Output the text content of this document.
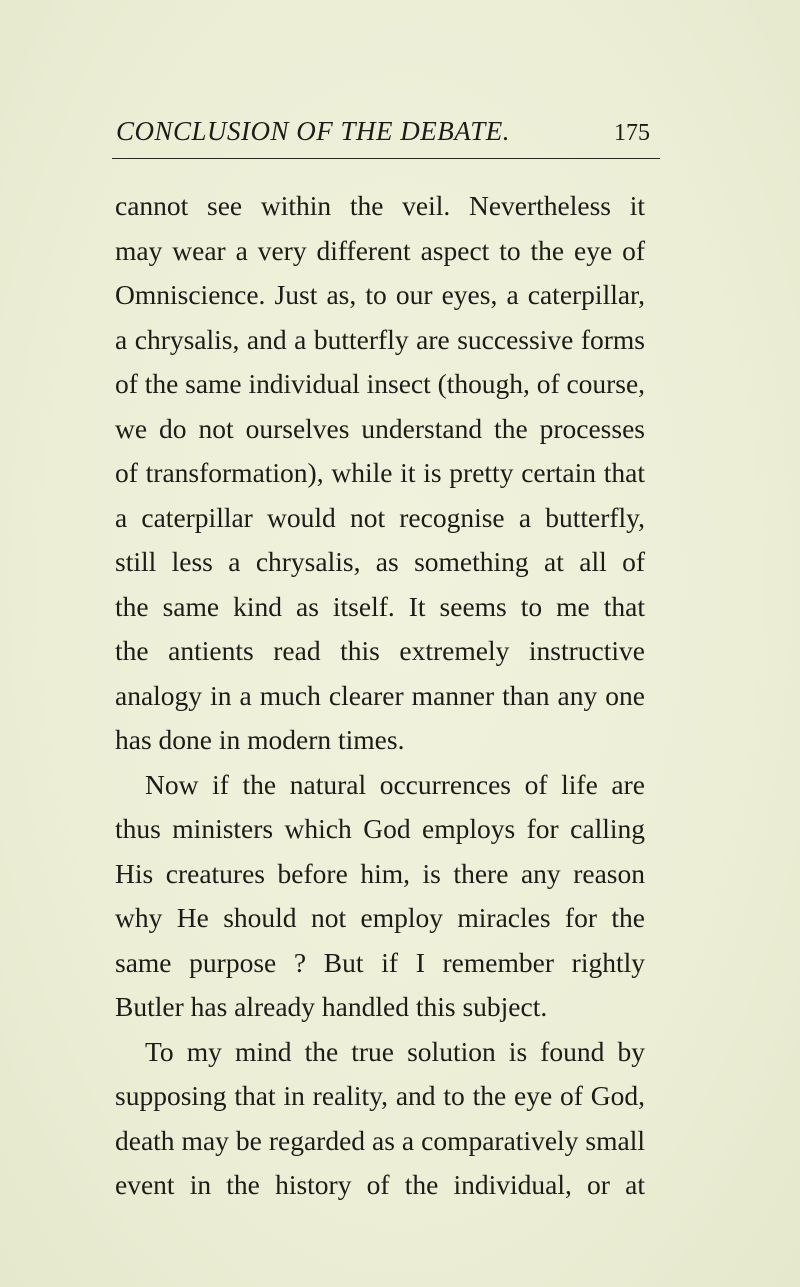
CONCLUSION OF THE DEBATE.	175
cannot see within the veil. Nevertheless it
may wear a very different aspect to the eye of
Omniscience. Just as, to our eyes, a caterpillar,
a chrysalis, and a butterfly are successive forms
of the same individual insect (though, of course,
we do not ourselves understand the processes
of transformation), while it is pretty certain that
a caterpillar would not recognise a butterfly,
still less a chrysalis, as something at all of
the same kind as itself. It seems to me that
the antients read this extremely instructive
analogy in a much clearer manner than any one
has done in modern times.
Now if the natural occurrences of life are
thus ministers which God employs for calling
His creatures before him, is there any reason
why He should not employ miracles for the
same purpose ? But if I remember rightly
Butler has already handled this subject.
To my mind the true solution is found by
supposing that in reality, and to the eye of God,
death may be regarded as a comparatively small
event in the history of the individual, or at
